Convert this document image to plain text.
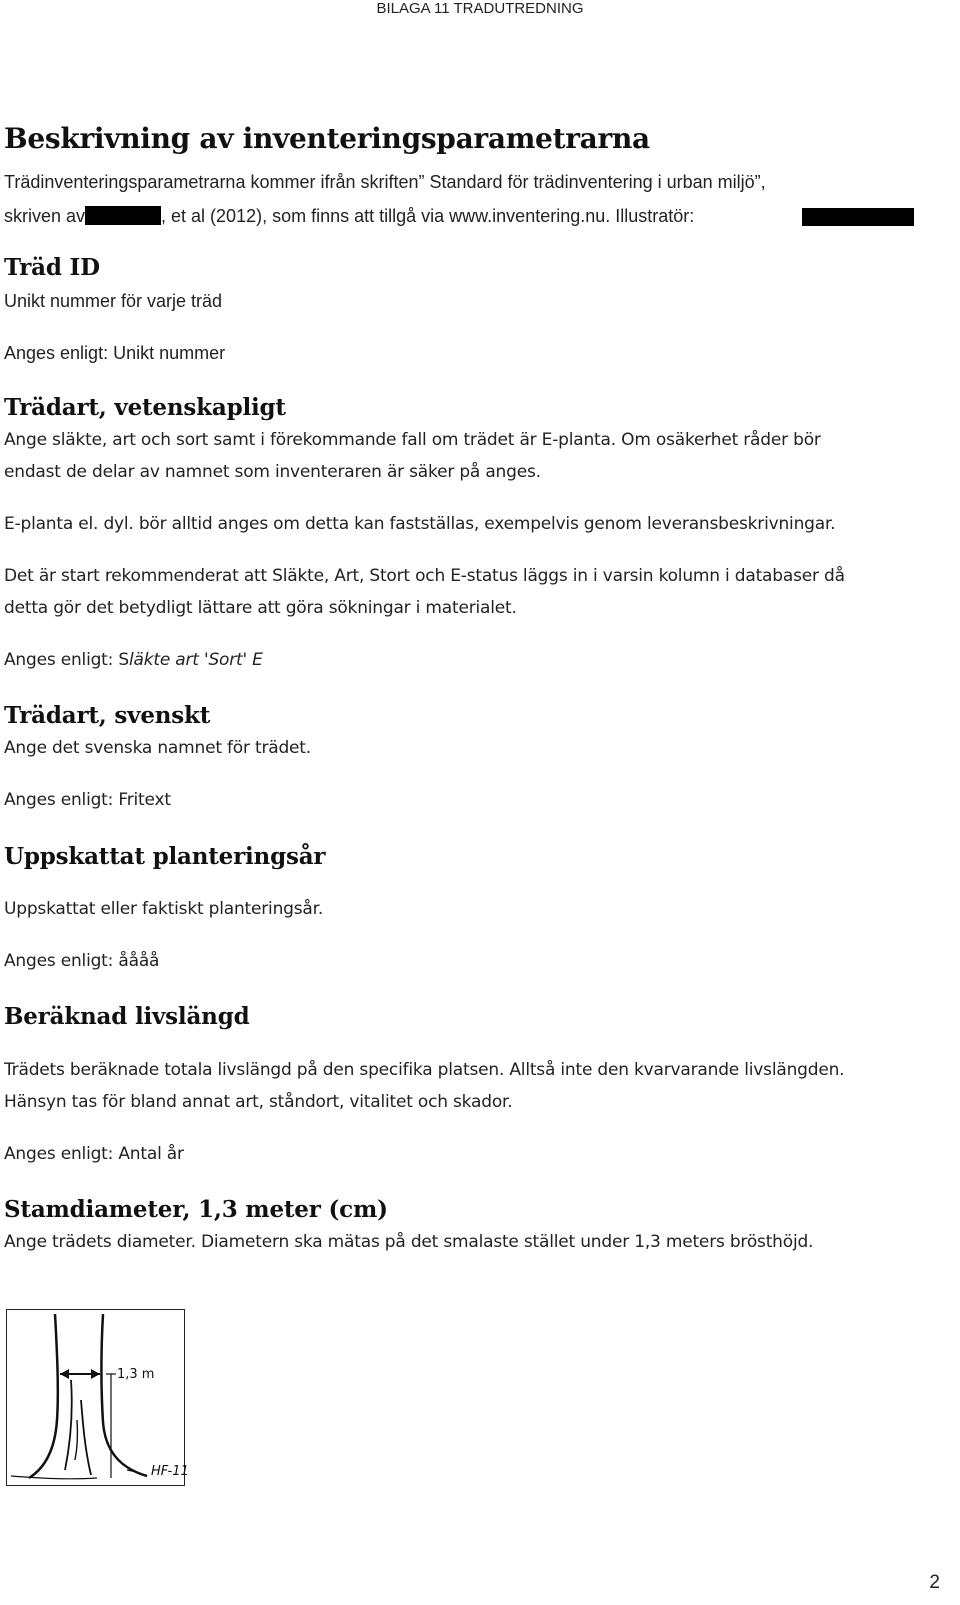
BILAGA 11 TRADUTREDNING
Beskrivning av inventeringsparametrarna
Trädinventeringsparametrarna kommer ifrån skriften” Standard för trädinventering i urban miljö”,
skriven av	, et al (2012), som finns att tillgå via www.inventering.nu. Illustratör:
Träd ID
Unikt nummer för varje träd
Anges enligt: Unikt nummer
Trädart, vetenskapligt
Ange släkte, art och sort samt i förekommande fall om trädet är E-planta. Om osäkerhet råder bör
endast de delar av namnet som inventeraren är säker på anges.
E-planta el. dyl. bör alltid anges om detta kan fastställas, exempelvis genom leveransbeskrivningar.
Det är start rekommenderat att Släkte, Art, Stort och E-status läggs in i varsin kolumn i databaser då
detta gör det betydligt lättare att göra sökningar i materialet.
Anges enligt: Släkte art 'Sort' E
Trädart, svenskt
Ange det svenska namnet för trädet.
Anges enligt: Fritext
Uppskattat planteringsår
Uppskattat eller faktiskt planteringsår.
Anges enligt: åååå
Beräknad livslängd
Trädets beräknade totala livslängd på den specifika platsen. Alltså inte den kvarvarande livslängden.
Hänsyn tas för bland annat art, ståndort, vitalitet och skador.
Anges enligt: Antal år
Stamdiameter, 1,3 meter (cm)
Ange trädets diameter. Diametern ska mätas på det smalaste stället under 1,3 meters brösthöjd.
1,3 m
HF-11
2
